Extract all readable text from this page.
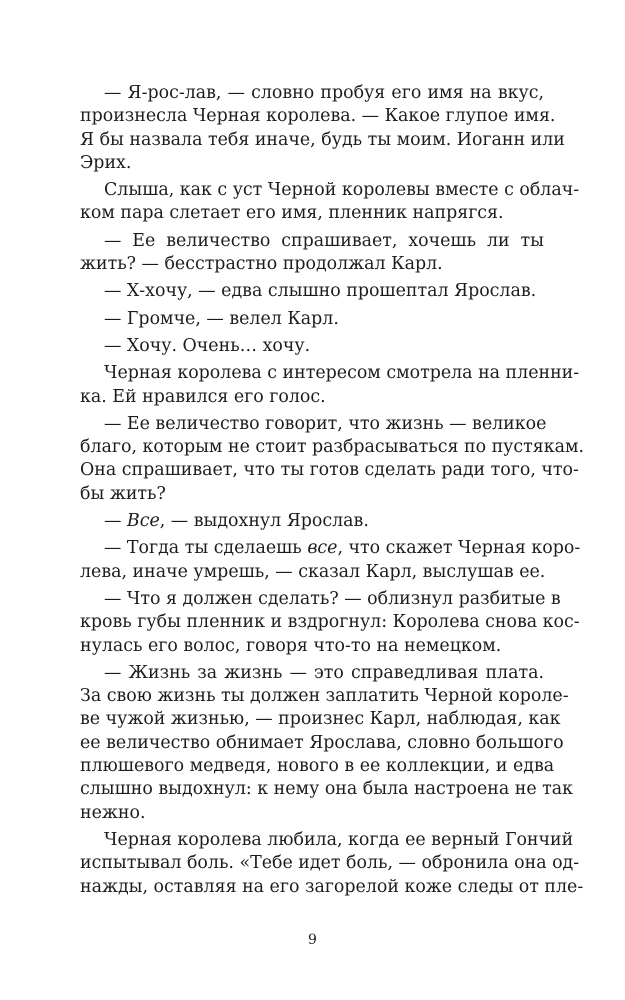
— Я-рос-лав, — словно пробуя его имя на вкус,
произнесла Черная королева. — Какое глупое имя.
Я бы назвала тебя иначе, будь ты моим. Иоганн или
Эрих.
Слыша, как с уст Черной королевы вместе с облач-
ком пара слетает его имя, пленник напрягся.
— Ее величество спрашивает, хочешь ли ты
жить? — бесстрастно продолжал Карл.
— Х-хочу, — едва слышно прошептал Ярослав.
— Громче, — велел Карл.
— Хочу. Очень… хочу.
Черная королева с интересом смотрела на пленни-
ка. Ей нравился его голос.
— Ее величество говорит, что жизнь — великое
благо, которым не стоит разбрасываться по пустякам.
Она спрашивает, что ты готов сделать ради того, что-
бы жить?
— Все, — выдохнул Ярослав.
— Тогда ты сделаешь все, что скажет Черная коро-
лева, иначе умрешь, — сказал Карл, выслушав ее.
— Что я должен сделать? — облизнул разбитые в
кровь губы пленник и вздрогнул: Королева снова кос-
нулась его волос, говоря что-то на немецком.
— Жизнь за жизнь — это справедливая плата.
За свою жизнь ты должен заплатить Черной короле-
ве чужой жизнью, — произнес Карл, наблюдая, как
ее величество обнимает Ярослава, словно большого
плюшевого медведя, нового в ее коллекции, и едва
слышно выдохнул: к нему она была настроена не так
нежно.
Черная королева любила, когда ее верный Гончий
испытывал боль. «Тебе идет боль, — обронила она од-
нажды, оставляя на его загорелой коже следы от пле-
9
